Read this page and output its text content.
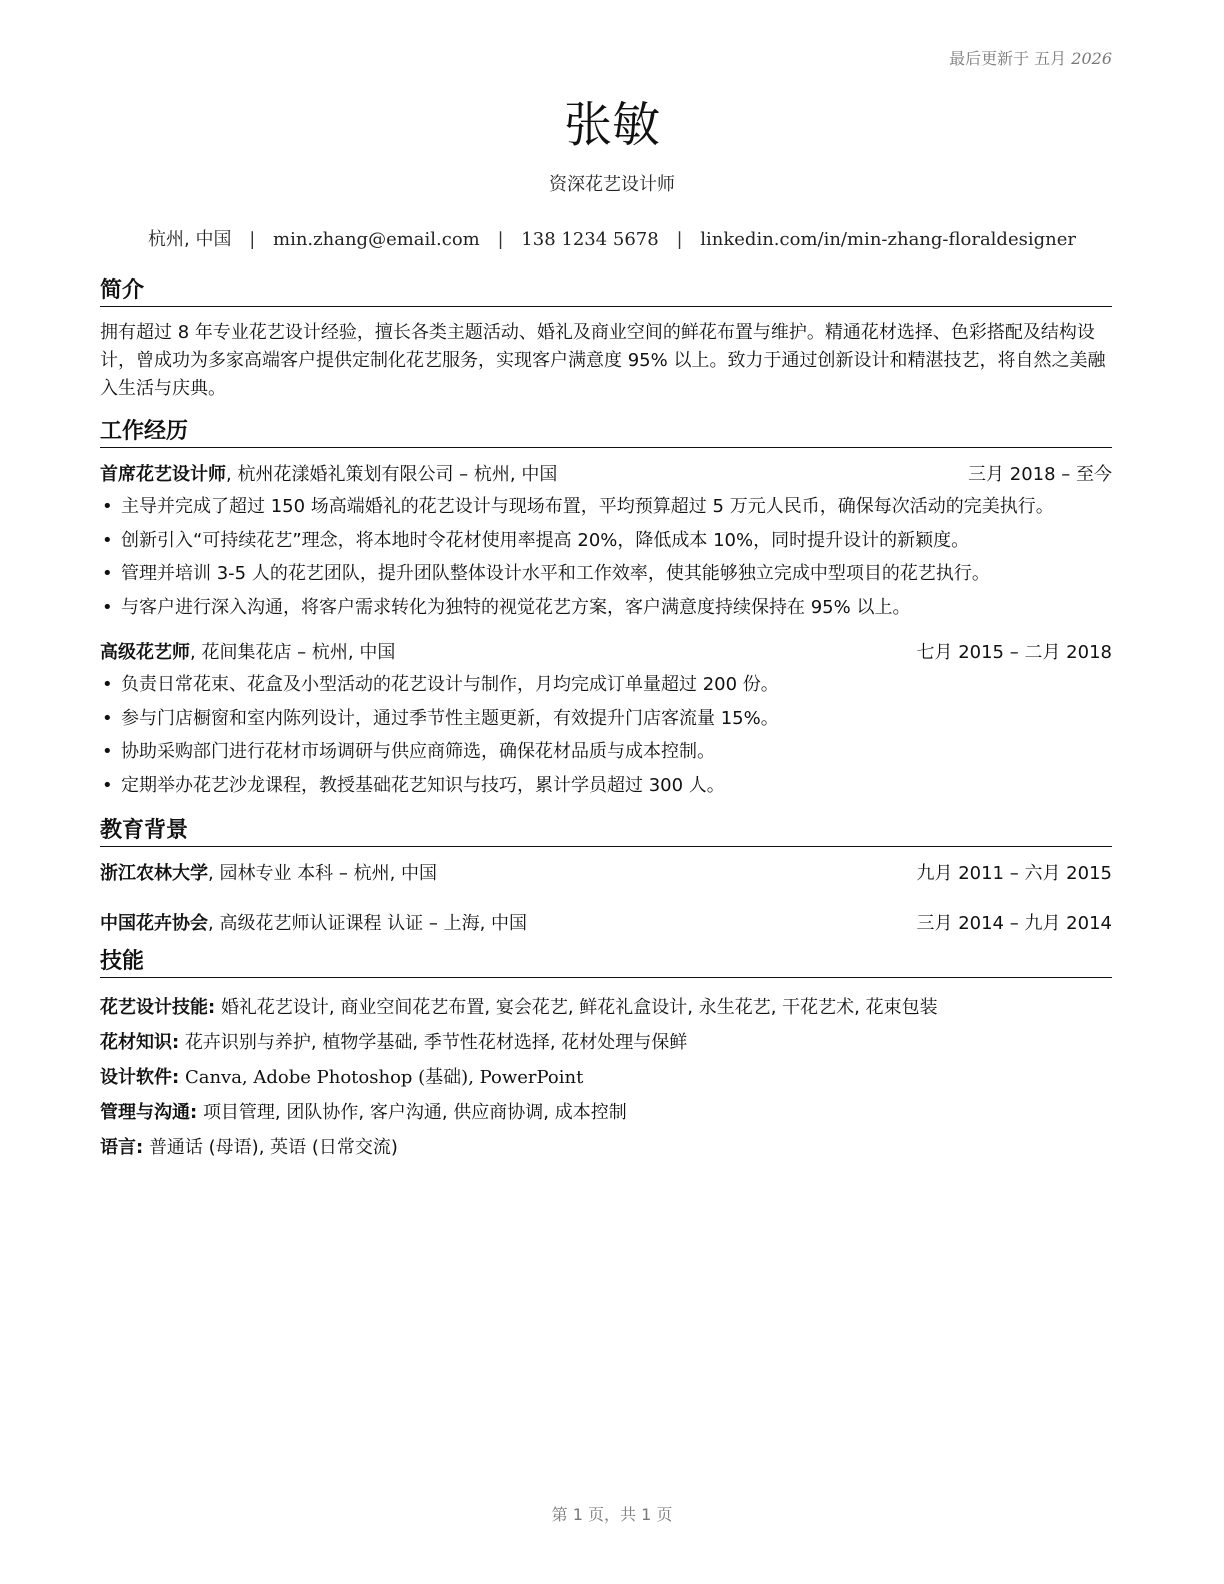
最后更新于 五月 2026
张敏
资深花艺设计师
杭州, 中国 | min.zhang@email.com | 138 1234 5678 | linkedin.com/in/min-zhang-floraldesigner
简介

拥有超过 8 年专业花艺设计经验，擅长各类主题活动、婚礼及商业空间的鲜花布置与维护。精通花材选择、色彩搭配及结构设计，曾成功为多家高端客户提供定制化花艺服务，实现客户满意度 95% 以上。致力于通过创新设计和精湛技艺，将自然之美融入生活与庆典。

工作经历
首席花艺设计师, 杭州花漾婚礼策划有限公司 – 杭州, 中国	三月 2018 – 至今
• 主导并完成了超过 150 场高端婚礼的花艺设计与现场布置，平均预算超过 5 万元人民币，确保每次活动的完美执行。
• 创新引入“可持续花艺”理念，将本地时令花材使用率提高 20%，降低成本 10%，同时提升设计的新颖度。
• 管理并培训 3-5 人的花艺团队，提升团队整体设计水平和工作效率，使其能够独立完成中型项目的花艺执行。
• 与客户进行深入沟通，将客户需求转化为独特的视觉花艺方案，客户满意度持续保持在 95% 以上。
高级花艺师, 花间集花店 – 杭州, 中国	七月 2015 – 二月 2018
• 负责日常花束、花盒及小型活动的花艺设计与制作，月均完成订单量超过 200 份。
• 参与门店橱窗和室内陈列设计，通过季节性主题更新，有效提升门店客流量 15%。
• 协助采购部门进行花材市场调研与供应商筛选，确保花材品质与成本控制。
• 定期举办花艺沙龙课程，教授基础花艺知识与技巧，累计学员超过 300 人。
教育背景
浙江农林大学, 园林专业 本科 – 杭州, 中国	九月 2011 – 六月 2015
中国花卉协会, 高级花艺师认证课程 认证 – 上海, 中国	三月 2014 – 九月 2014
技能
花艺设计技能: 婚礼花艺设计, 商业空间花艺布置, 宴会花艺, 鲜花礼盒设计, 永生花艺, 干花艺术, 花束包装
花材知识: 花卉识别与养护, 植物学基础, 季节性花材选择, 花材处理与保鲜
设计软件: Canva, Adobe Photoshop (基础), PowerPoint
管理与沟通: 项目管理, 团队协作, 客户沟通, 供应商协调, 成本控制
语言: 普通话 (母语), 英语 (日常交流)
第 1 页，共 1 页
